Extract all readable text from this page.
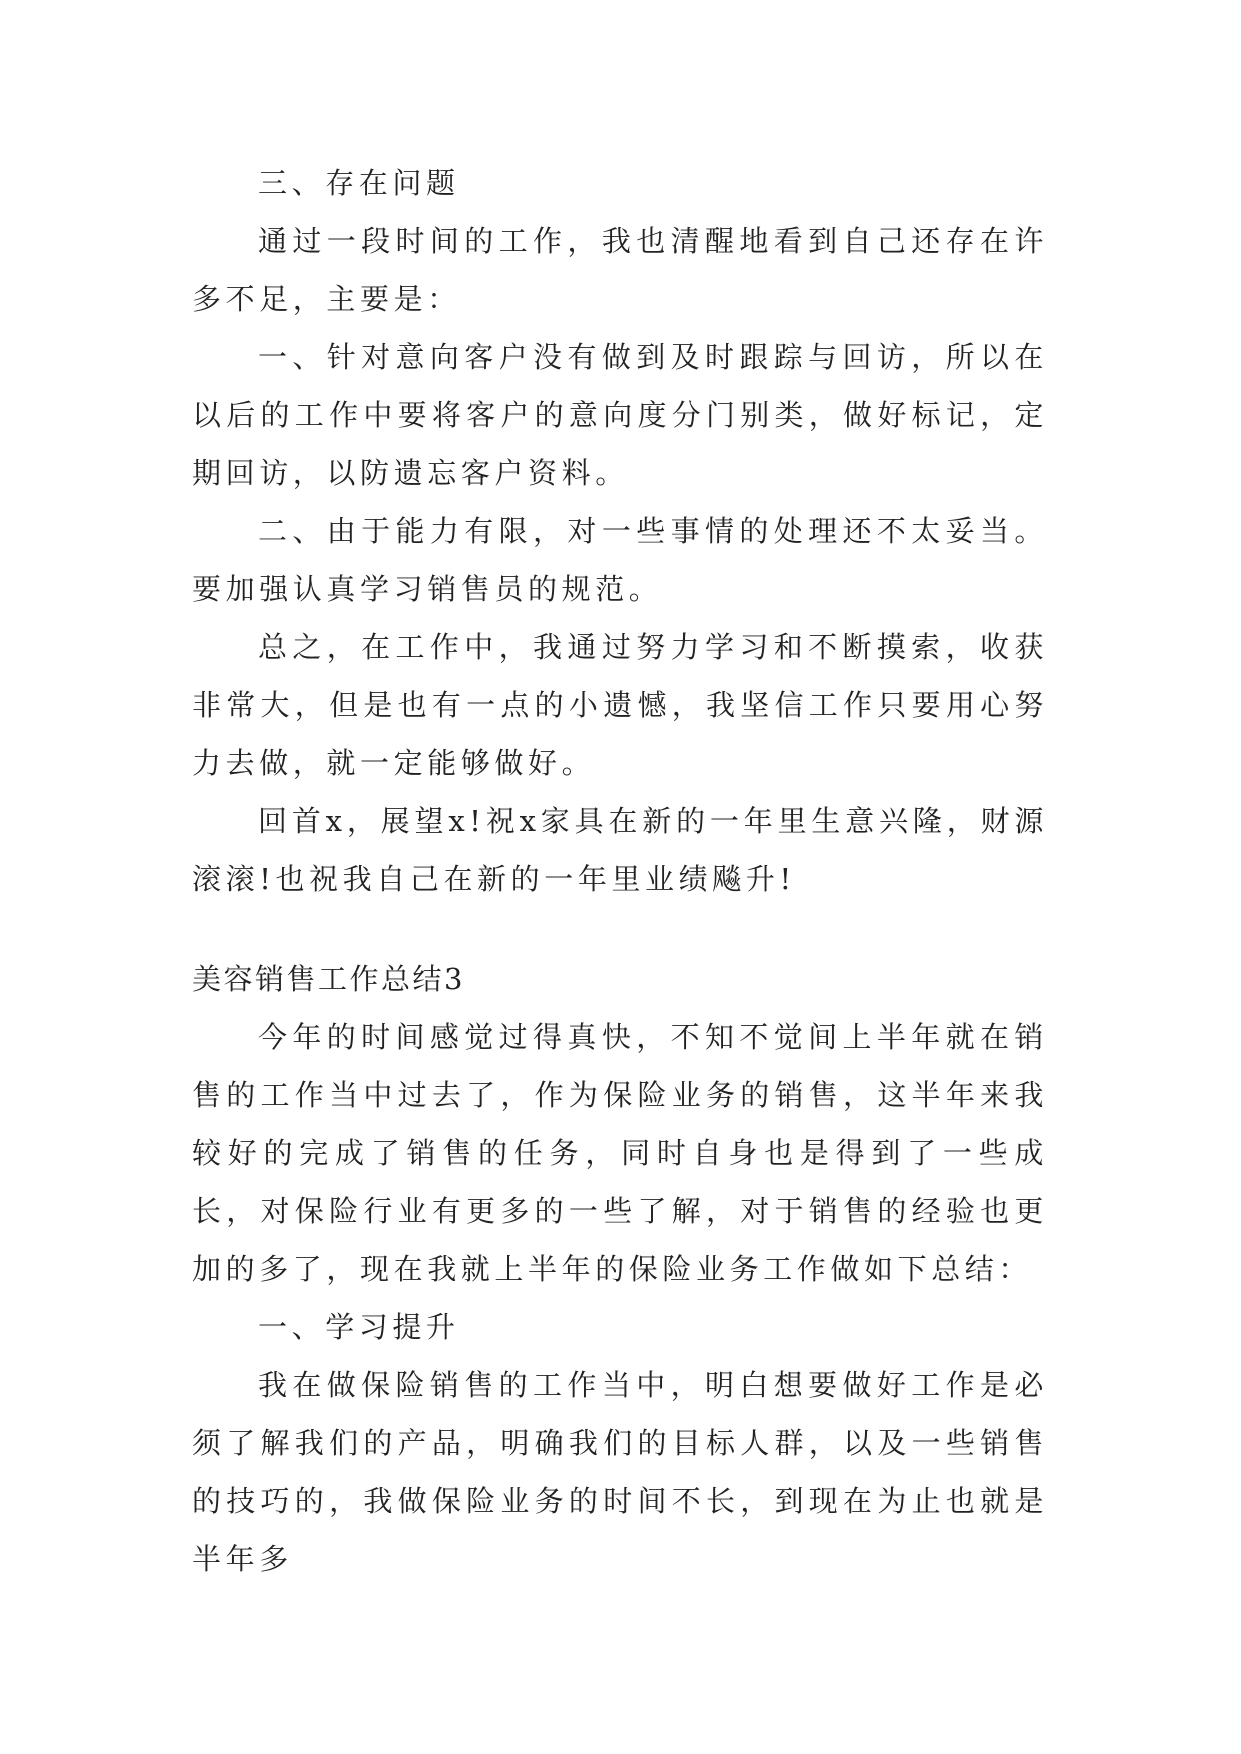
三、存在问题

通过一段时间的工作，我也清醒地看到自己还存在许多不足，主要是：

一、针对意向客户没有做到及时跟踪与回访，所以在以后的工作中要将客户的意向度分门别类，做好标记，定期回访，以防遗忘客户资料。

二、由于能力有限，对一些事情的处理还不太妥当。要加强认真学习销售员的规范。

总之，在工作中，我通过努力学习和不断摸索，收获非常大，但是也有一点的小遗憾，我坚信工作只要用心努力去做，就一定能够做好。

回首x，展望x!祝x家具在新的一年里生意兴隆，财源滚滚!也祝我自己在新的一年里业绩飚升!

美容销售工作总结3

今年的时间感觉过得真快，不知不觉间上半年就在销售的工作当中过去了，作为保险业务的销售，这半年来我较好的完成了销售的任务，同时自身也是得到了一些成长，对保险行业有更多的一些了解，对于销售的经验也更加的多了，现在我就上半年的保险业务工作做如下总结：

一、学习提升

我在做保险销售的工作当中，明白想要做好工作是必须了解我们的产品，明确我们的目标人群，以及一些销售的技巧的，我做保险业务的时间不长，到现在为止也就是半年多
